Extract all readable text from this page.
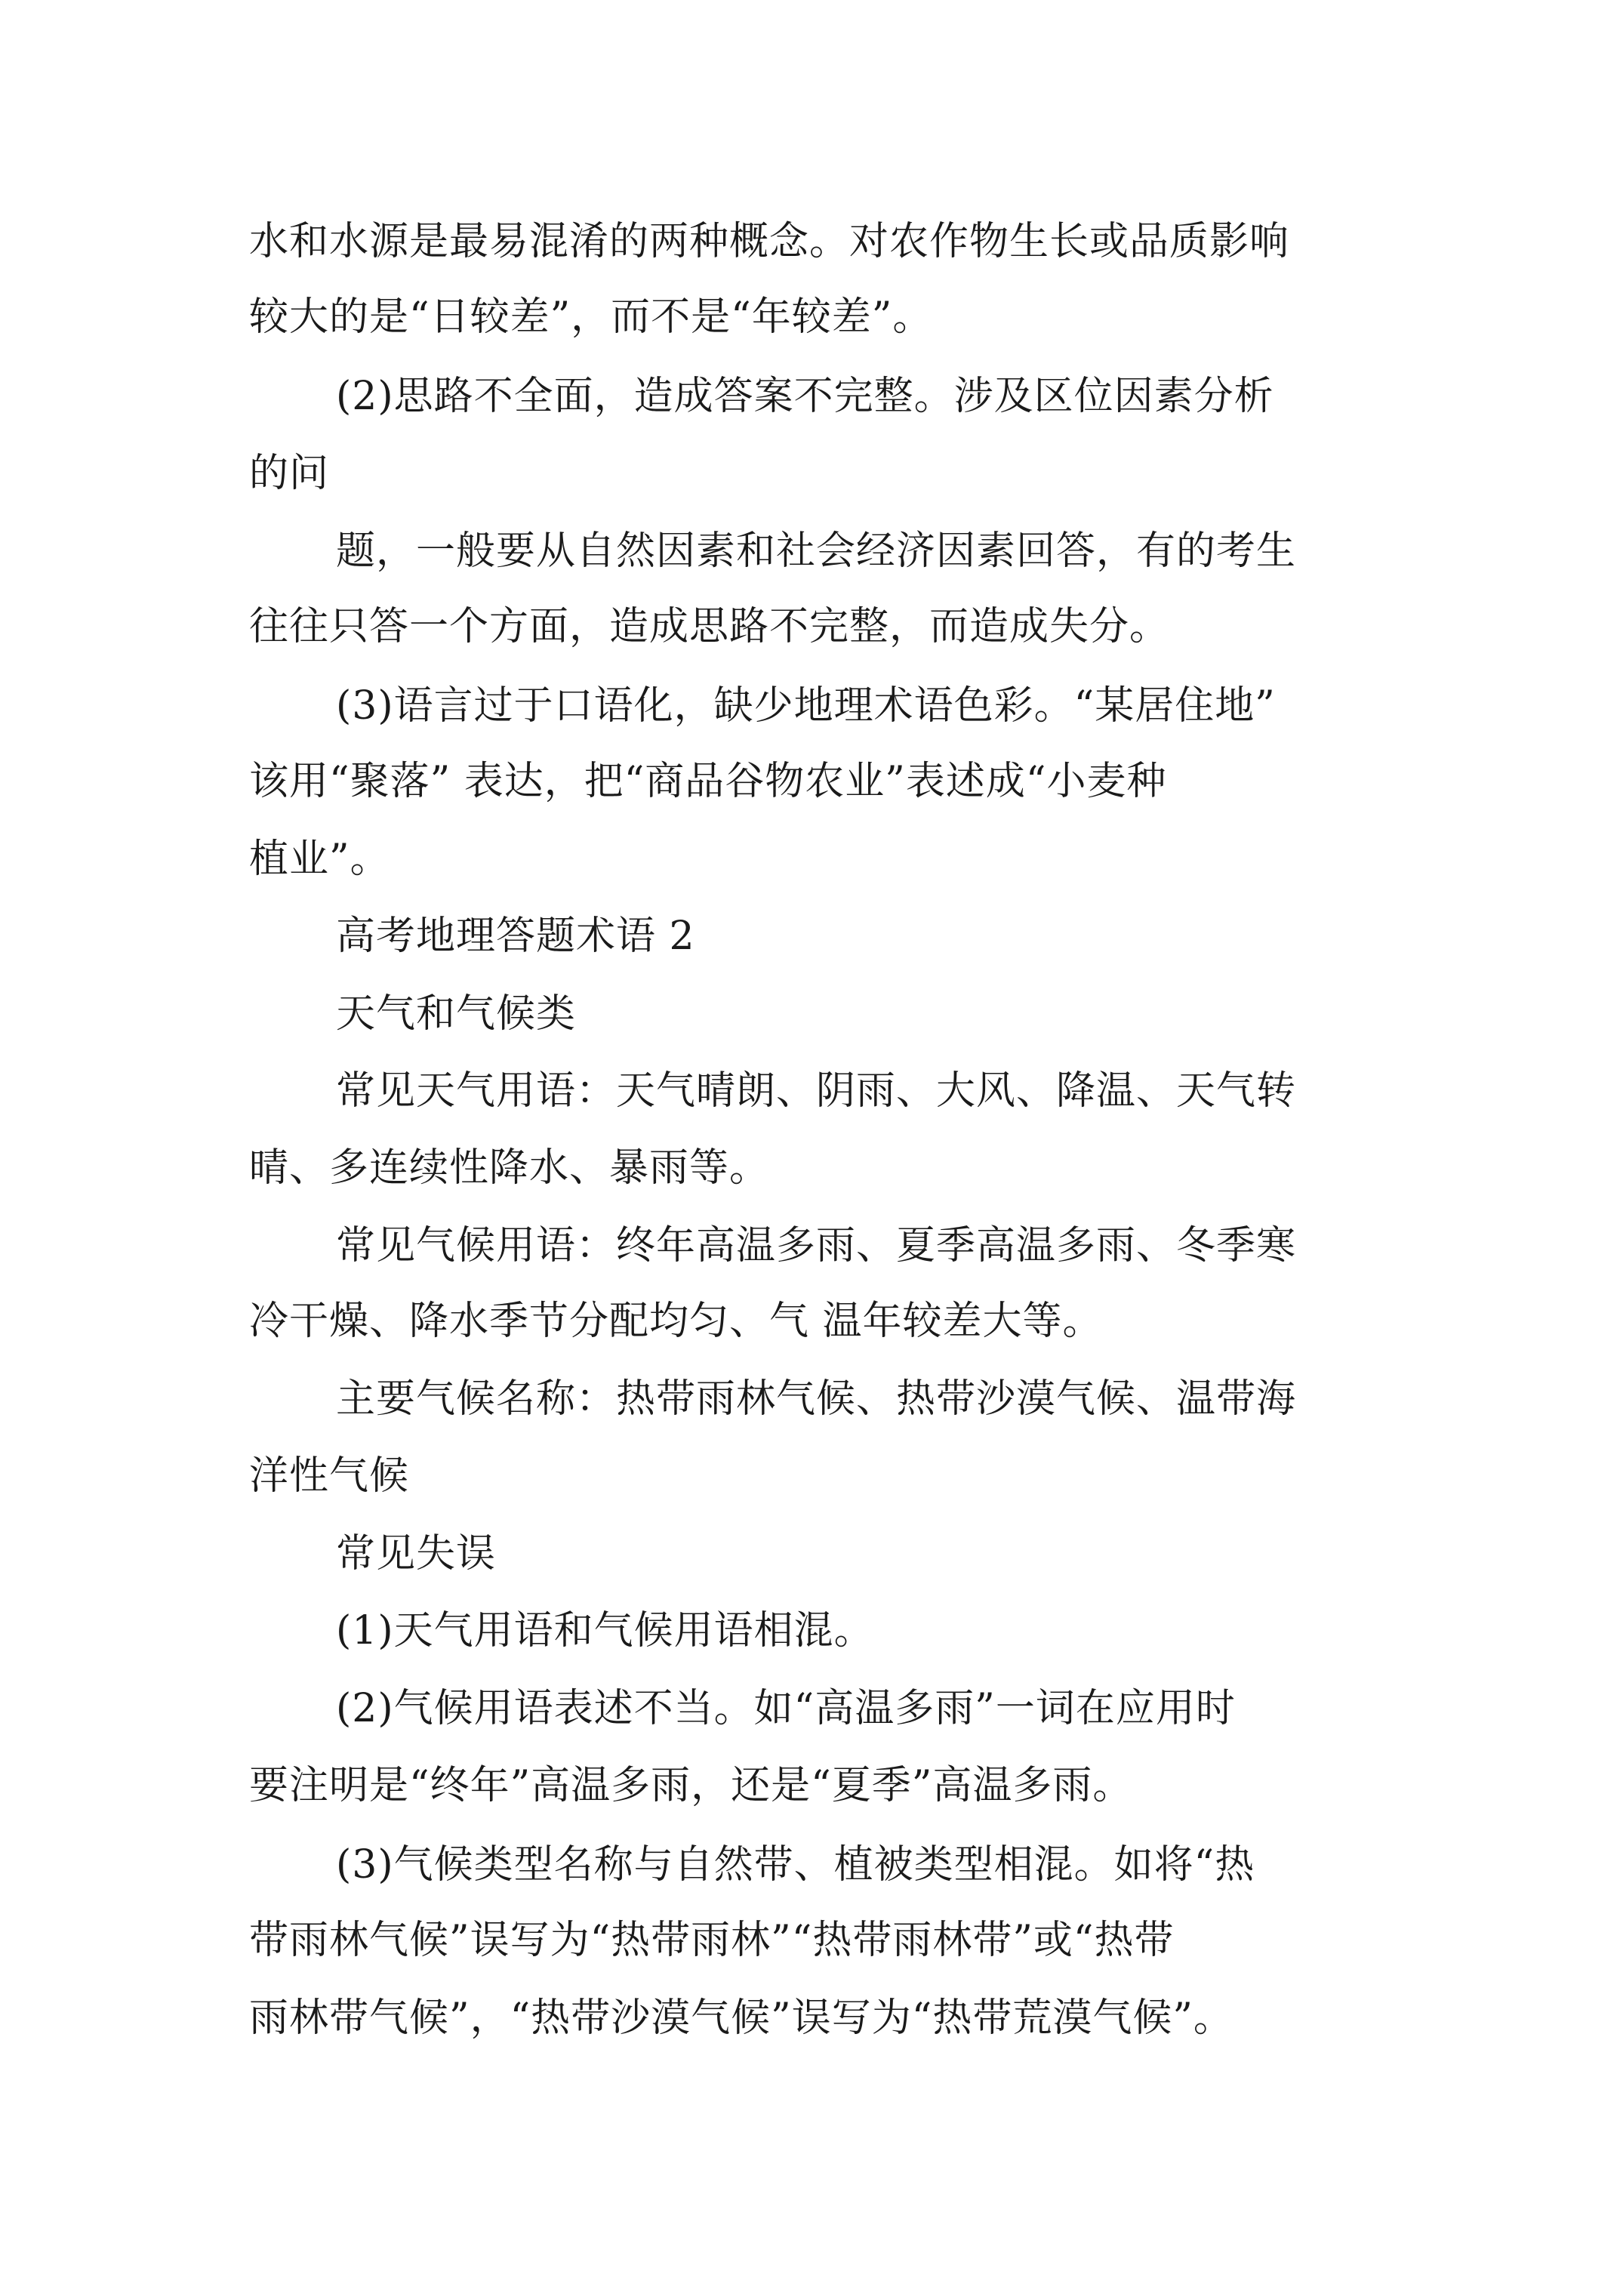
水和水源是最易混淆的两种概念。对农作物生长或品质影响
较大的是“日较差”，而不是“年较差”。
(2)思路不全面，造成答案不完整。涉及区位因素分析
的问
题，一般要从自然因素和社会经济因素回答，有的考生
往往只答一个方面，造成思路不完整，而造成失分。
(3)语言过于口语化，缺少地理术语色彩。“某居住地”
该用“聚落” 表达，把“商品谷物农业”表述成“小麦种
植业”。
高考地理答题术语 2
天气和气候类
常见天气用语：天气晴朗、阴雨、大风、降温、天气转
晴、多连续性降水、暴雨等。
常见气候用语：终年高温多雨、夏季高温多雨、冬季寒
冷干燥、降水季节分配均匀、气 温年较差大等。
主要气候名称：热带雨林气候、热带沙漠气候、温带海
洋性气候
常见失误
(1)天气用语和气候用语相混。
(2)气候用语表述不当。如“高温多雨”一词在应用时
要注明是“终年”高温多雨，还是“夏季”高温多雨。
(3)气候类型名称与自然带、植被类型相混。如将“热
带雨林气候”误写为“热带雨林”“热带雨林带”或“热带
雨林带气候”，“热带沙漠气候”误写为“热带荒漠气候”。
